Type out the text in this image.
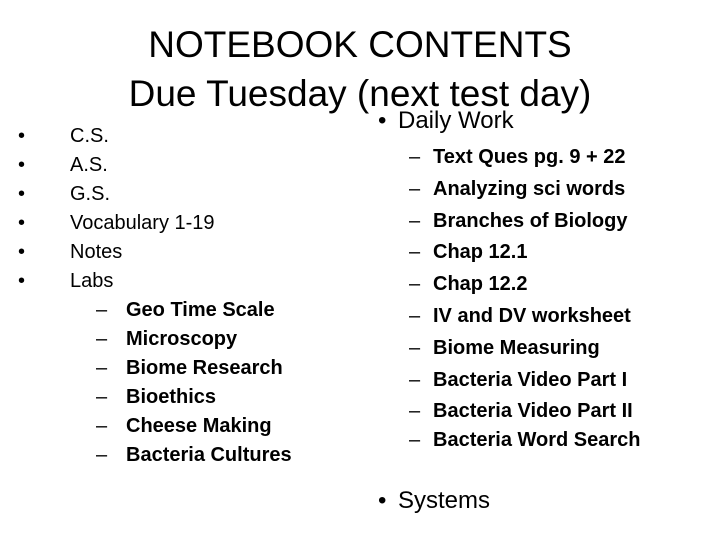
NOTEBOOK CONTENTS
Due Tuesday (next test day)
• C.S.
• A.S.
• G.S.
• Vocabulary 1-19
• Notes
• Labs
– Geo Time Scale
– Microscopy
– Biome Research
– Bioethics
– Cheese Making
– Bacteria Cultures
• Daily Work
– Text Ques pg. 9 + 22
– Analyzing sci words
– Branches of Biology
– Chap 12.1
– Chap 12.2
– IV and DV worksheet
– Biome Measuring
– Bacteria Video Part I
– Bacteria Video Part II
– Bacteria Word Search
• Systems
